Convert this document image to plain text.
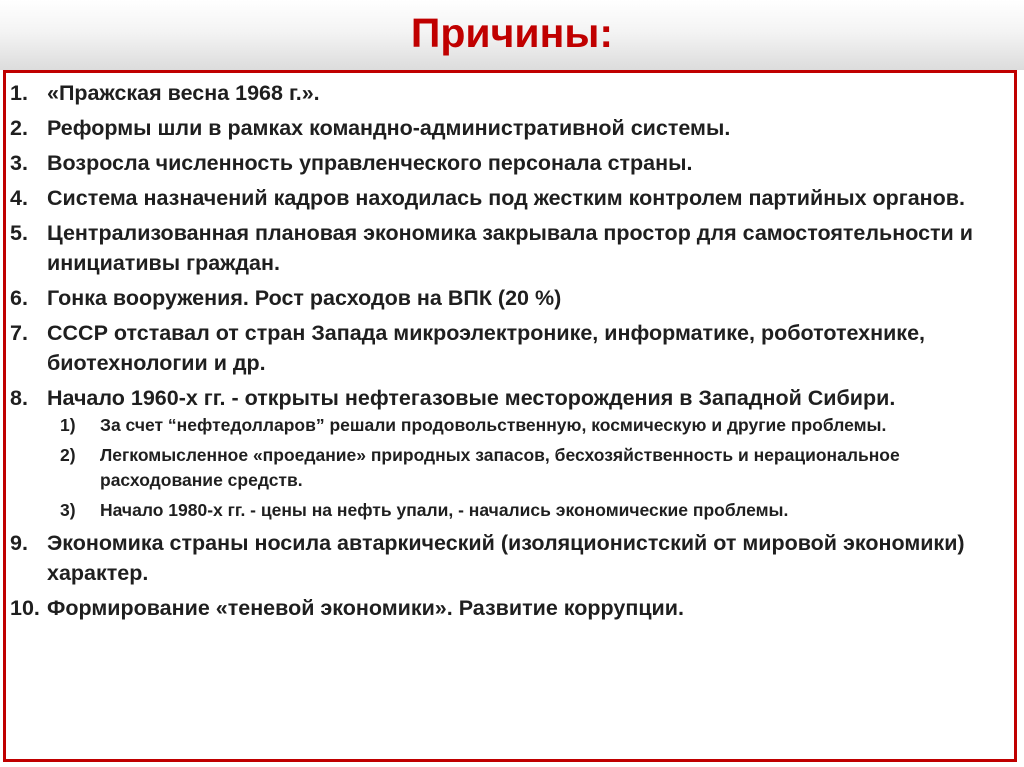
Причины:
1. «Пражская весна 1968 г.».
2. Реформы шли в рамках командно-административной системы.
3. Возросла численность управленческого персонала страны.
4. Система назначений кадров находилась под жестким контролем партийных органов.
5. Централизованная плановая экономика закрывала простор для самостоятельности и инициативы граждан.
6. Гонка вооружения. Рост расходов на ВПК (20 %)
7. СССР отставал от стран Запада микроэлектронике, информатике, робототехнике, биотехнологии и др.
8. Начало 1960-х гг. - открыты нефтегазовые месторождения в Западной Сибири.
1) За счет “нефтедолларов” решали продовольственную, космическую и другие проблемы.
2) Легкомысленное «проедание» природных запасов, бесхозяйственность и нерациональное расходование средств.
3) Начало 1980-х гг. - цены на нефть упали, - начались экономические проблемы.
9. Экономика страны носила автаркический (изоляционистский от мировой экономики) характер.
10. Формирование «теневой экономики». Развитие коррупции.
